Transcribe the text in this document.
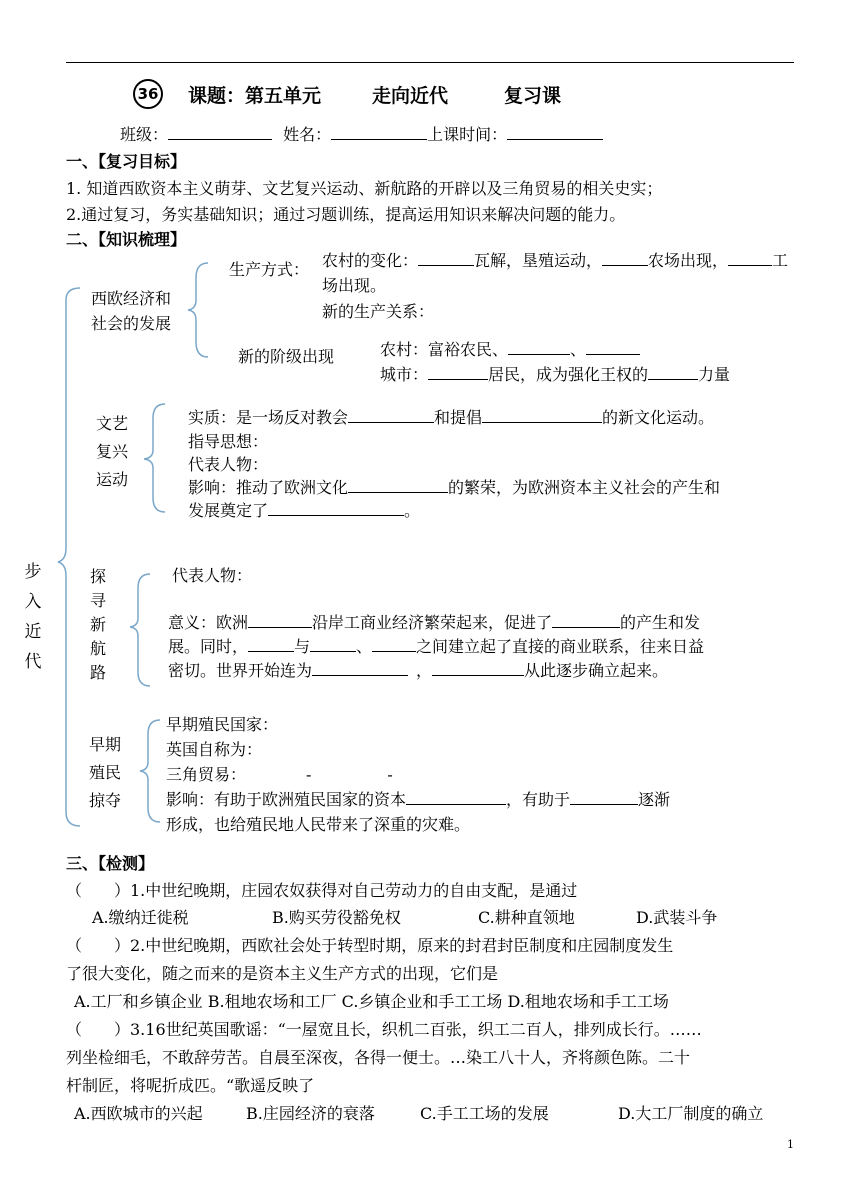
36 课题：第五单元	走向近代	复习课
班级：	姓名：	上课时间：
一、【复习目标】
1. 知道西欧资本主义萌芽、文艺复兴运动、新航路的开辟以及三角贸易的相关史实；
2.通过复习，务实基础知识；通过习题训练，提高运用知识来解决问题的能力。
二、【知识梳理】
步
入
近
代
西欧经济和
社会的发展
生产方式： 农村的变化：	瓦解，垦殖运动，	农场出现，	工
场出现。
新的生产关系：
新的阶级出现	农村：富裕农民、	、
城市：	居民，成为强化王权的	力量
文艺
复兴
运动
实质：是一场反对教会	和提倡	的新文化运动。
指导思想：
代表人物：
影响：推动了欧洲文化	的繁荣，为欧洲资本主义社会的产生和
发展奠定了	。
探
寻
新
航
路
代表人物：
意义：欧洲	沿岸工商业经济繁荣起来，促进了	的产生和发
展。同时，	与	、	之间建立起了直接的商业联系，往来日益
密切。世界开始连为	，	从此逐步确立起来。
早期
殖民
掠夺
早期殖民国家：
英国自称为：
三角贸易：	-	-
影响：有助于欧洲殖民国家的资本	，有助于	逐渐
形成，也给殖民地人民带来了深重的灾难。
三、【检测】
（　　）1.中世纪晚期，庄园农奴获得对自己劳动力的自由支配，是通过
A.缴纳迁徙税	B.购买劳役豁免权	C.耕种直领地	D.武装斗争
（　　）2.中世纪晚期，西欧社会处于转型时期，原来的封君封臣制度和庄园制度发生
了很大变化，随之而来的是资本主义生产方式的出现，它们是
A.工厂和乡镇企业 B.租地农场和工厂 C.乡镇企业和手工工场 D.租地农场和手工工场
（　　）3.16世纪英国歌谣：“一屋宽且长，织机二百张，织工二百人，排列成长行。……
列坐检细毛，不敢辞劳苦。自晨至深夜，各得一便士。…染工八十人，齐将颜色陈。二十
杆制匠，将呢折成匹。“歌遥反映了
A.西欧城市的兴起	B.庄园经济的衰落	C.手工工场的发展	D.大工厂制度的确立
1
